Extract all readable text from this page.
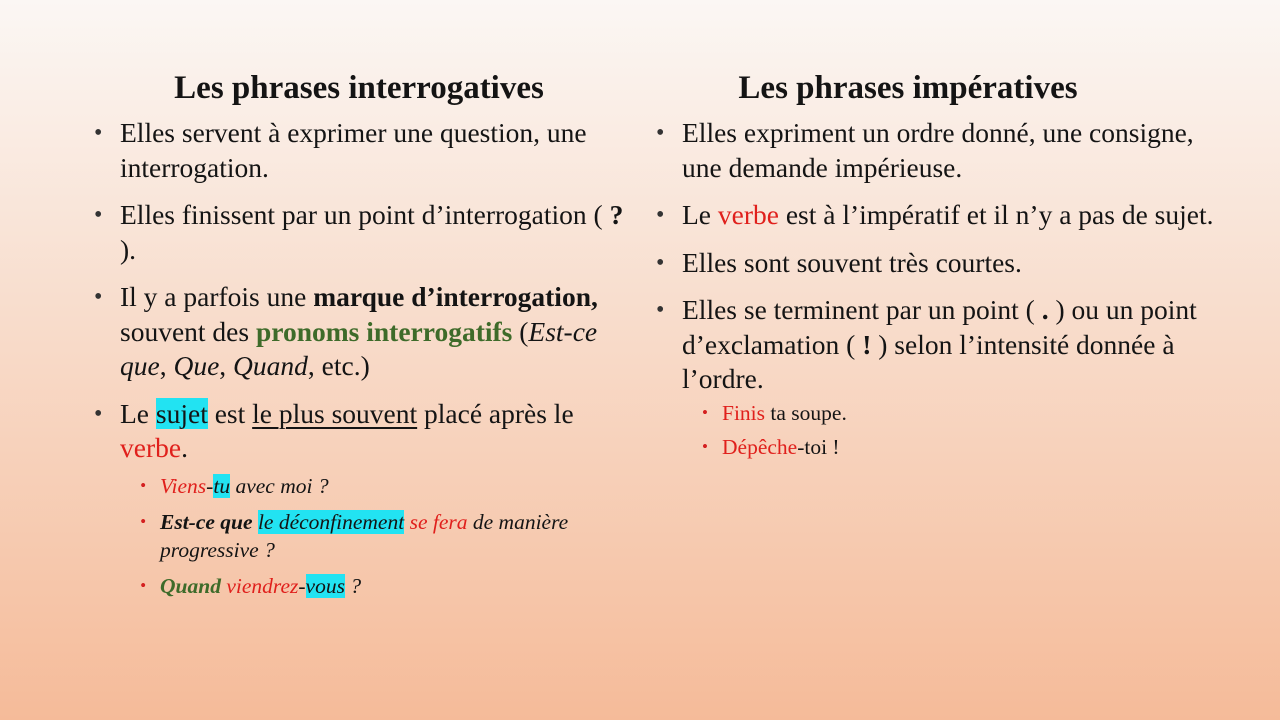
Les phrases interrogatives
• Elles servent à exprimer une question, une interrogation.
• Elles finissent par un point d’interrogation ( ? ).
• Il y a parfois une marque d’interrogation, souvent des pronoms interrogatifs (Est-ce que, Que, Quand, etc.)
• Le sujet est le plus souvent placé après le verbe.
• Viens-tu avec moi ?
• Est-ce que le déconfinement se fera de manière progressive ?
• Quand viendrez-vous ?
Les phrases impératives
• Elles expriment un ordre donné, une consigne, une demande impérieuse.
• Le verbe est à l’impératif et il n’y a pas de sujet.
• Elles sont souvent très courtes.
• Elles se terminent par un point ( . ) ou un point d’exclamation ( ! ) selon l’intensité donnée à l’ordre.
• Finis ta soupe.
• Dépêche-toi !
